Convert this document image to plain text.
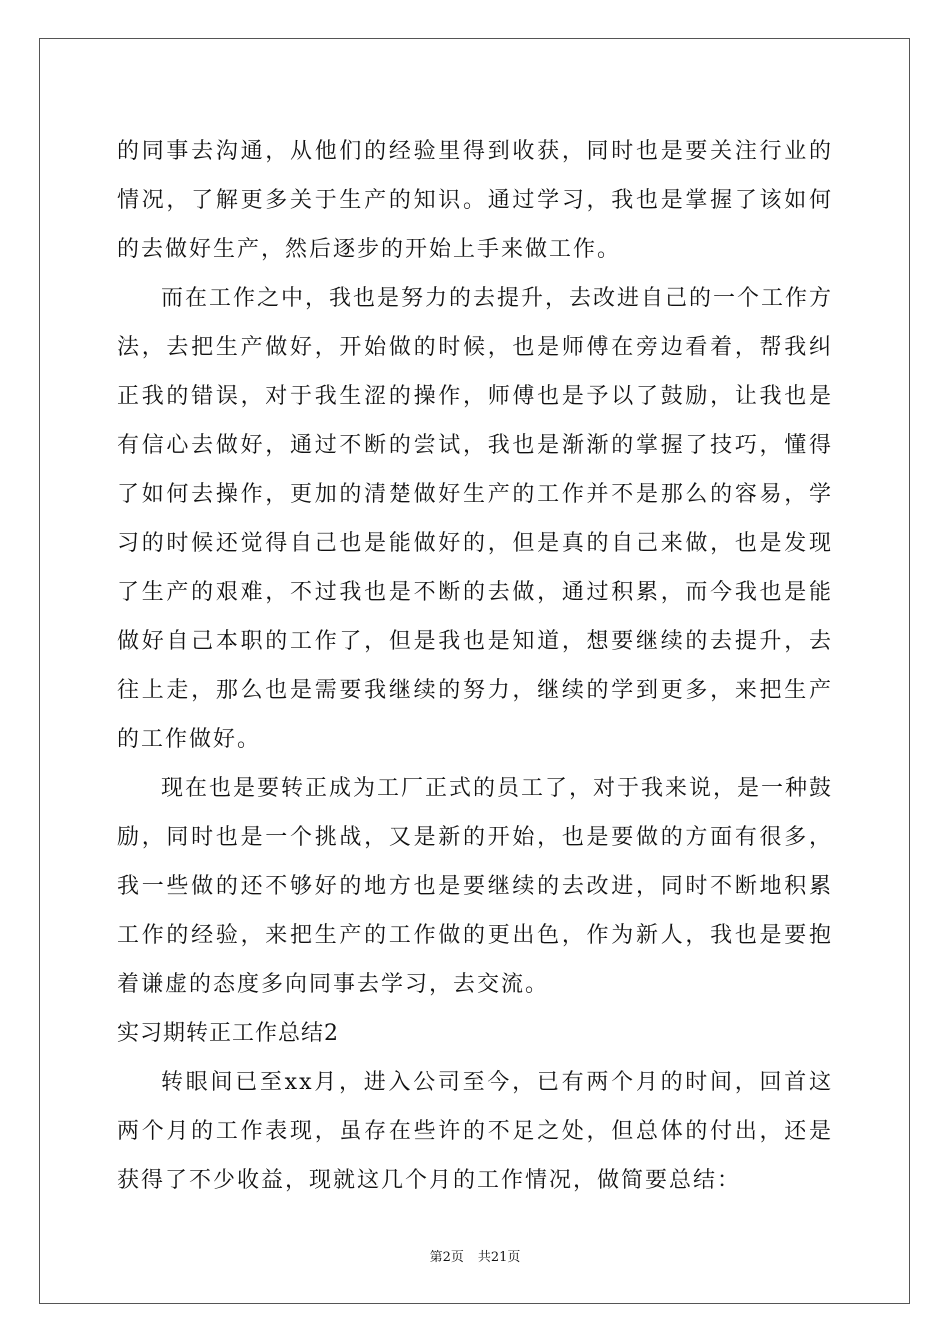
的同事去沟通，从他们的经验里得到收获，同时也是要关注行业的情况，了解更多关于生产的知识。通过学习，我也是掌握了该如何的去做好生产，然后逐步的开始上手来做工作。

而在工作之中，我也是努力的去提升，去改进自己的一个工作方法，去把生产做好，开始做的时候，也是师傅在旁边看着，帮我纠正我的错误，对于我生涩的操作，师傅也是予以了鼓励，让我也是有信心去做好，通过不断的尝试，我也是渐渐的掌握了技巧，懂得了如何去操作，更加的清楚做好生产的工作并不是那么的容易，学习的时候还觉得自己也是能做好的，但是真的自己来做，也是发现了生产的艰难，不过我也是不断的去做，通过积累，而今我也是能做好自己本职的工作了，但是我也是知道，想要继续的去提升，去往上走，那么也是需要我继续的努力，继续的学到更多，来把生产的工作做好。

现在也是要转正成为工厂正式的员工了，对于我来说，是一种鼓励，同时也是一个挑战，又是新的开始，也是要做的方面有很多，我一些做的还不够好的地方也是要继续的去改进，同时不断地积累工作的经验，来把生产的工作做的更出色，作为新人，我也是要抱着谦虚的态度多向同事去学习，去交流。

实习期转正工作总结2

转眼间已至xx月，进入公司至今，已有两个月的时间，回首这两个月的工作表现，虽存在些许的不足之处，但总体的付出，还是获得了不少收益，现就这几个月的工作情况，做简要总结：

第2页 共21页
